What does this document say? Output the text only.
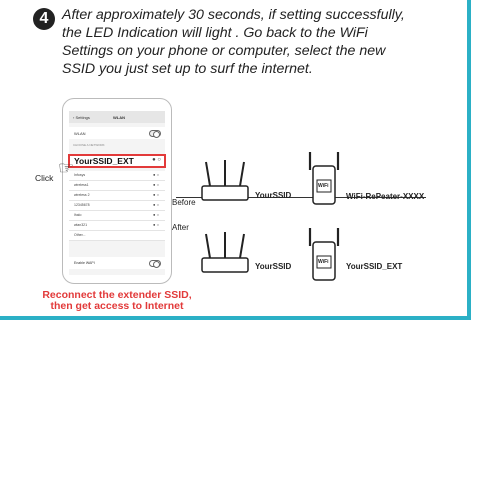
4 After approximately 30 seconds, if setting successfully,
the LED Indication will light . Go back to the WiFi
Settings on your phone or computer, select the new
SSID you just set up to surf the internet.
‹ Settings	WLAN
WLAN
CHOOSE A NETWORK
Infosys	● ○
wireless1	● ○
wireless 2	● ○
12345678	● ○
lhalo	● ○
wlan321	● ○
Other...
Enable WAPI
YourSSID_EXT	● ○
Click ☞
Reconnect the extender SSID,
then get access to Internet
Before
YourSSID
WiFi
WiFi-RePeater-XXXX
After
YourSSID	WiFi YourSSID_EXT
